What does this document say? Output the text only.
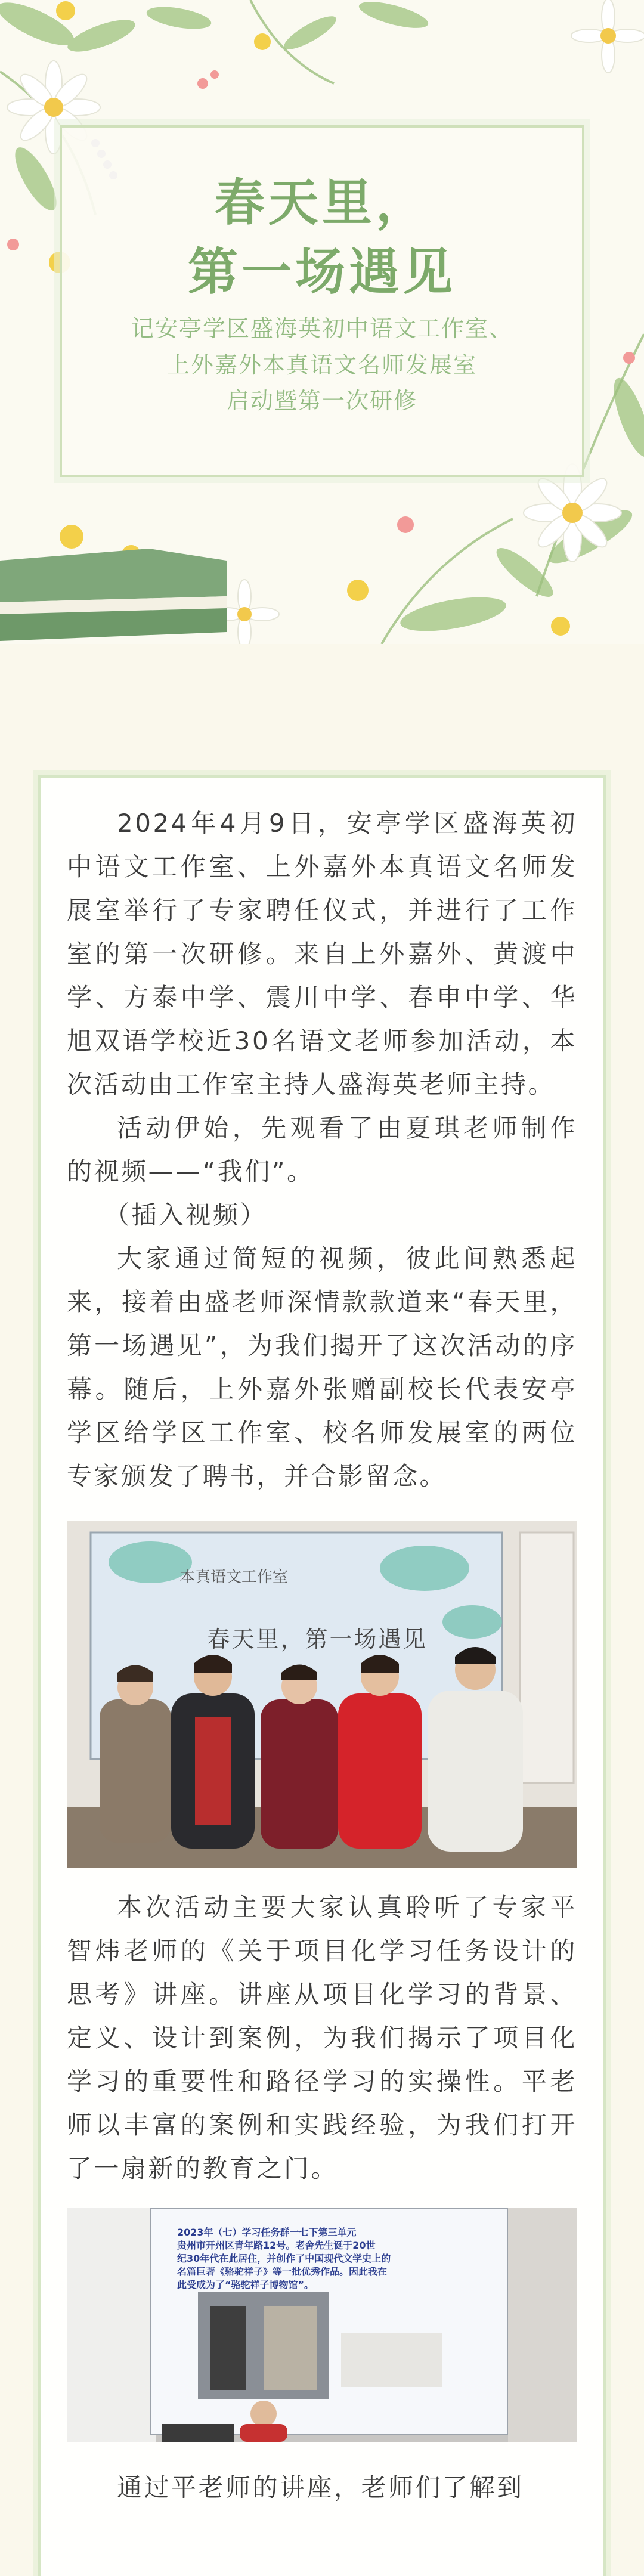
春天里，
第一场遇见
记安亭学区盛海英初中语文工作室、
上外嘉外本真语文名师发展室
启动暨第一次研修

2024年4月9日，安亭学区盛海英初中语文工作室、上外嘉外本真语文名师发展室举行了专家聘任仪式，并进行了工作室的第一次研修。来自上外嘉外、黄渡中学、方泰中学、震川中学、春申中学、华旭双语学校近30名语文老师参加活动，本次活动由工作室主持人盛海英老师主持。

活动伊始，先观看了由夏琪老师制作的视频——“我们”。

（插入视频）

大家通过简短的视频，彼此间熟悉起来，接着由盛老师深情款款道来“春天里，第一场遇见”，为我们揭开了这次活动的序幕。随后，上外嘉外张赠副校长代表安亭学区给学区工作室、校名师发展室的两位专家颁发了聘书，并合影留念。

本真语文工作室
春天里，第一场遇见

本次活动主要大家认真聆听了专家平智炜老师的《关于项目化学习任务设计的思考》讲座。讲座从项目化学习的背景、定义、设计到案例，为我们揭示了项目化学习的重要性和路径学习的实操性。平老师以丰富的案例和实践经验，为我们打开了一扇新的教育之门。

2023年（七）学习任务群一七下第三单元
贵州市开州区青年路12号。老舍先生诞于20世
纪30年代在此居住，并创作了中国现代文学史上的
名篇巨著《骆驼祥子》等一批优秀作品。因此我在
此受成为了“骆驼祥子博物馆”。

通过平老师的讲座，老师们了解到
